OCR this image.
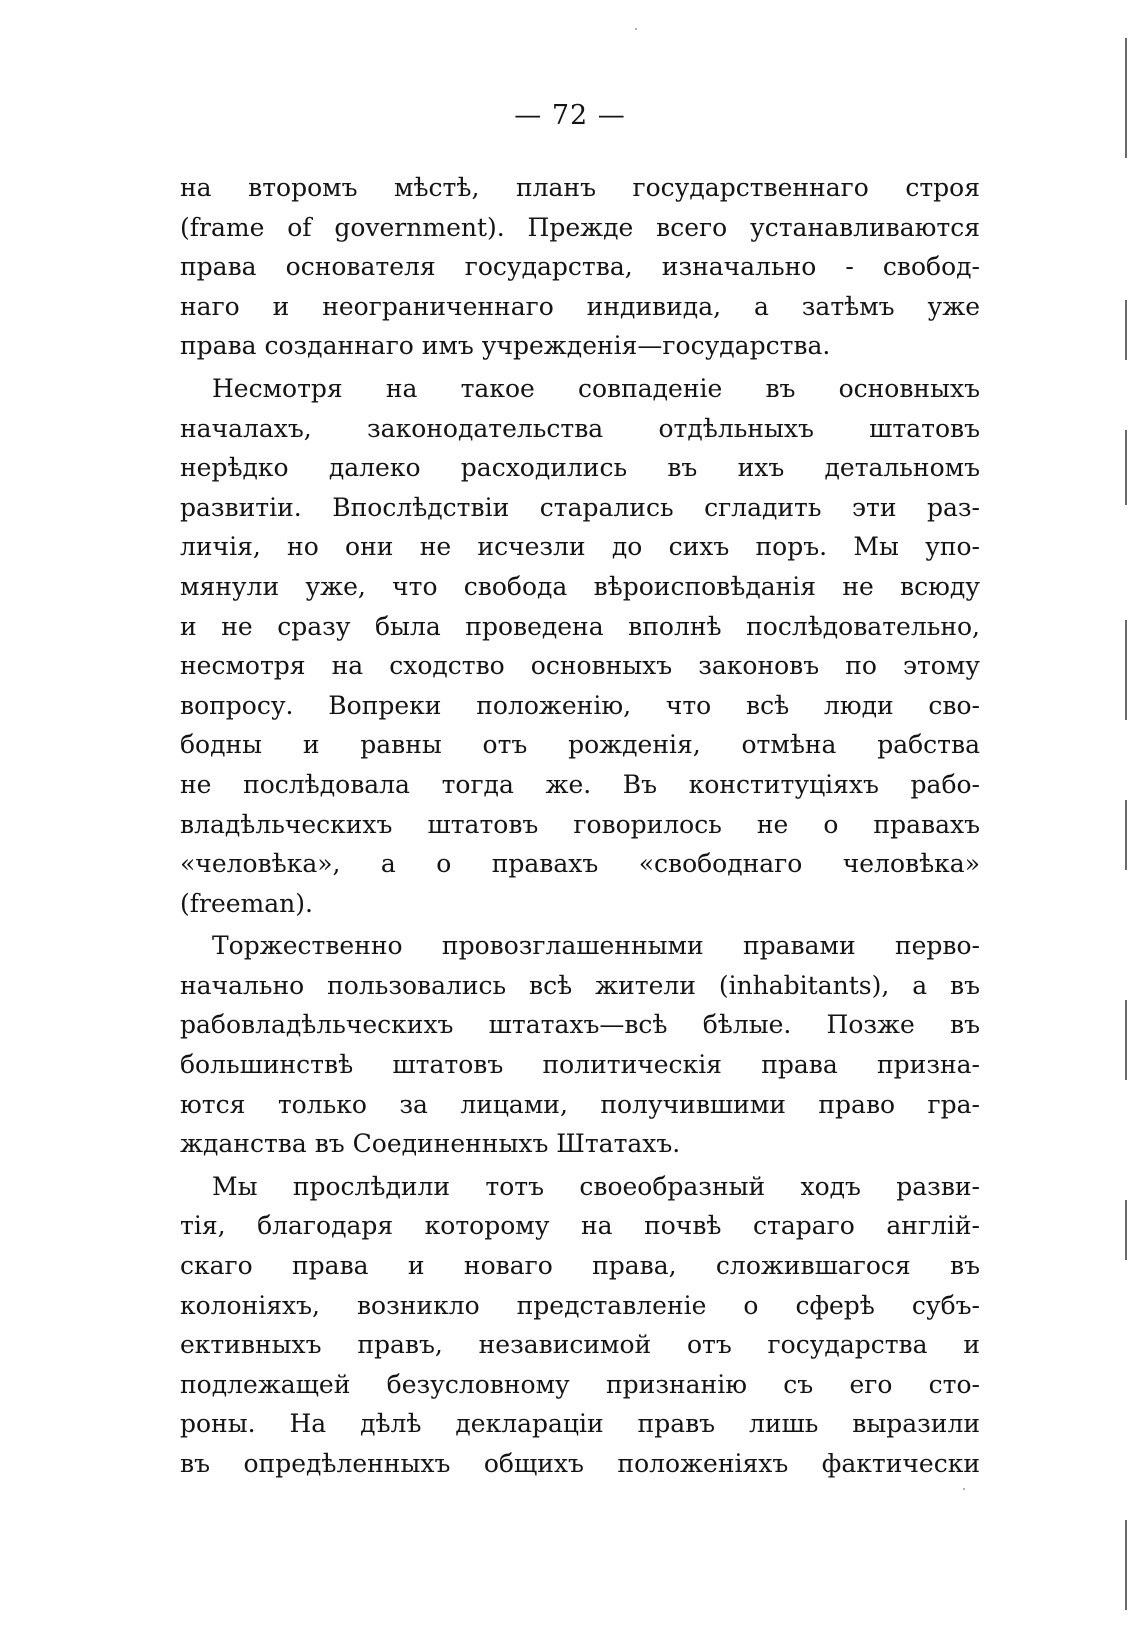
— 72 —
на второмъ мѣстѣ, планъ государственнаго строя
(frame of government). Прежде всего устанавливаются
права основателя государства, изначально - свобод-
наго и неограниченнаго индивида, а затѣмъ уже
права созданнаго имъ учрежденія—государства.
Несмотря на такое совпаденіе въ основныхъ
началахъ, законодательства отдѣльныхъ штатовъ
нерѣдко далеко расходились въ ихъ детальномъ
развитіи. Впослѣдствіи старались сгладить эти раз-
личія, но они не исчезли до сихъ поръ. Мы упо-
мянули уже, что свобода вѣроисповѣданія не всюду
и не сразу была проведена вполнѣ послѣдовательно,
несмотря на сходство основныхъ законовъ по этому
вопросу. Вопреки положенію, что всѣ люди сво-
бодны и равны отъ рожденія, отмѣна рабства
не послѣдовала тогда же. Въ конституціяхъ рабо-
владѣльческихъ штатовъ говорилось не о правахъ
«человѣка», а о правахъ «свободнаго человѣка»
(freeman).
Торжественно провозглашенными правами перво-
начально пользовались всѣ жители (inhabitants), а въ
рабовладѣльческихъ штатахъ—всѣ бѣлые. Позже въ
большинствѣ штатовъ политическія права призна-
ются только за лицами, получившими право гра-
жданства въ Соединенныхъ Штатахъ.
Мы прослѣдили тотъ своеобразный ходъ разви-
тія, благодаря которому на почвѣ стараго англій-
скаго права и новаго права, сложившагося въ
колоніяхъ, возникло представленіе о сферѣ субъ-
ективныхъ правъ, независимой отъ государства и
подлежащей безусловному признанію съ его сто-
роны. На дѣлѣ декларацiи правъ лишь выразили
въ опредѣленныхъ общихъ положеніяхъ фактически
